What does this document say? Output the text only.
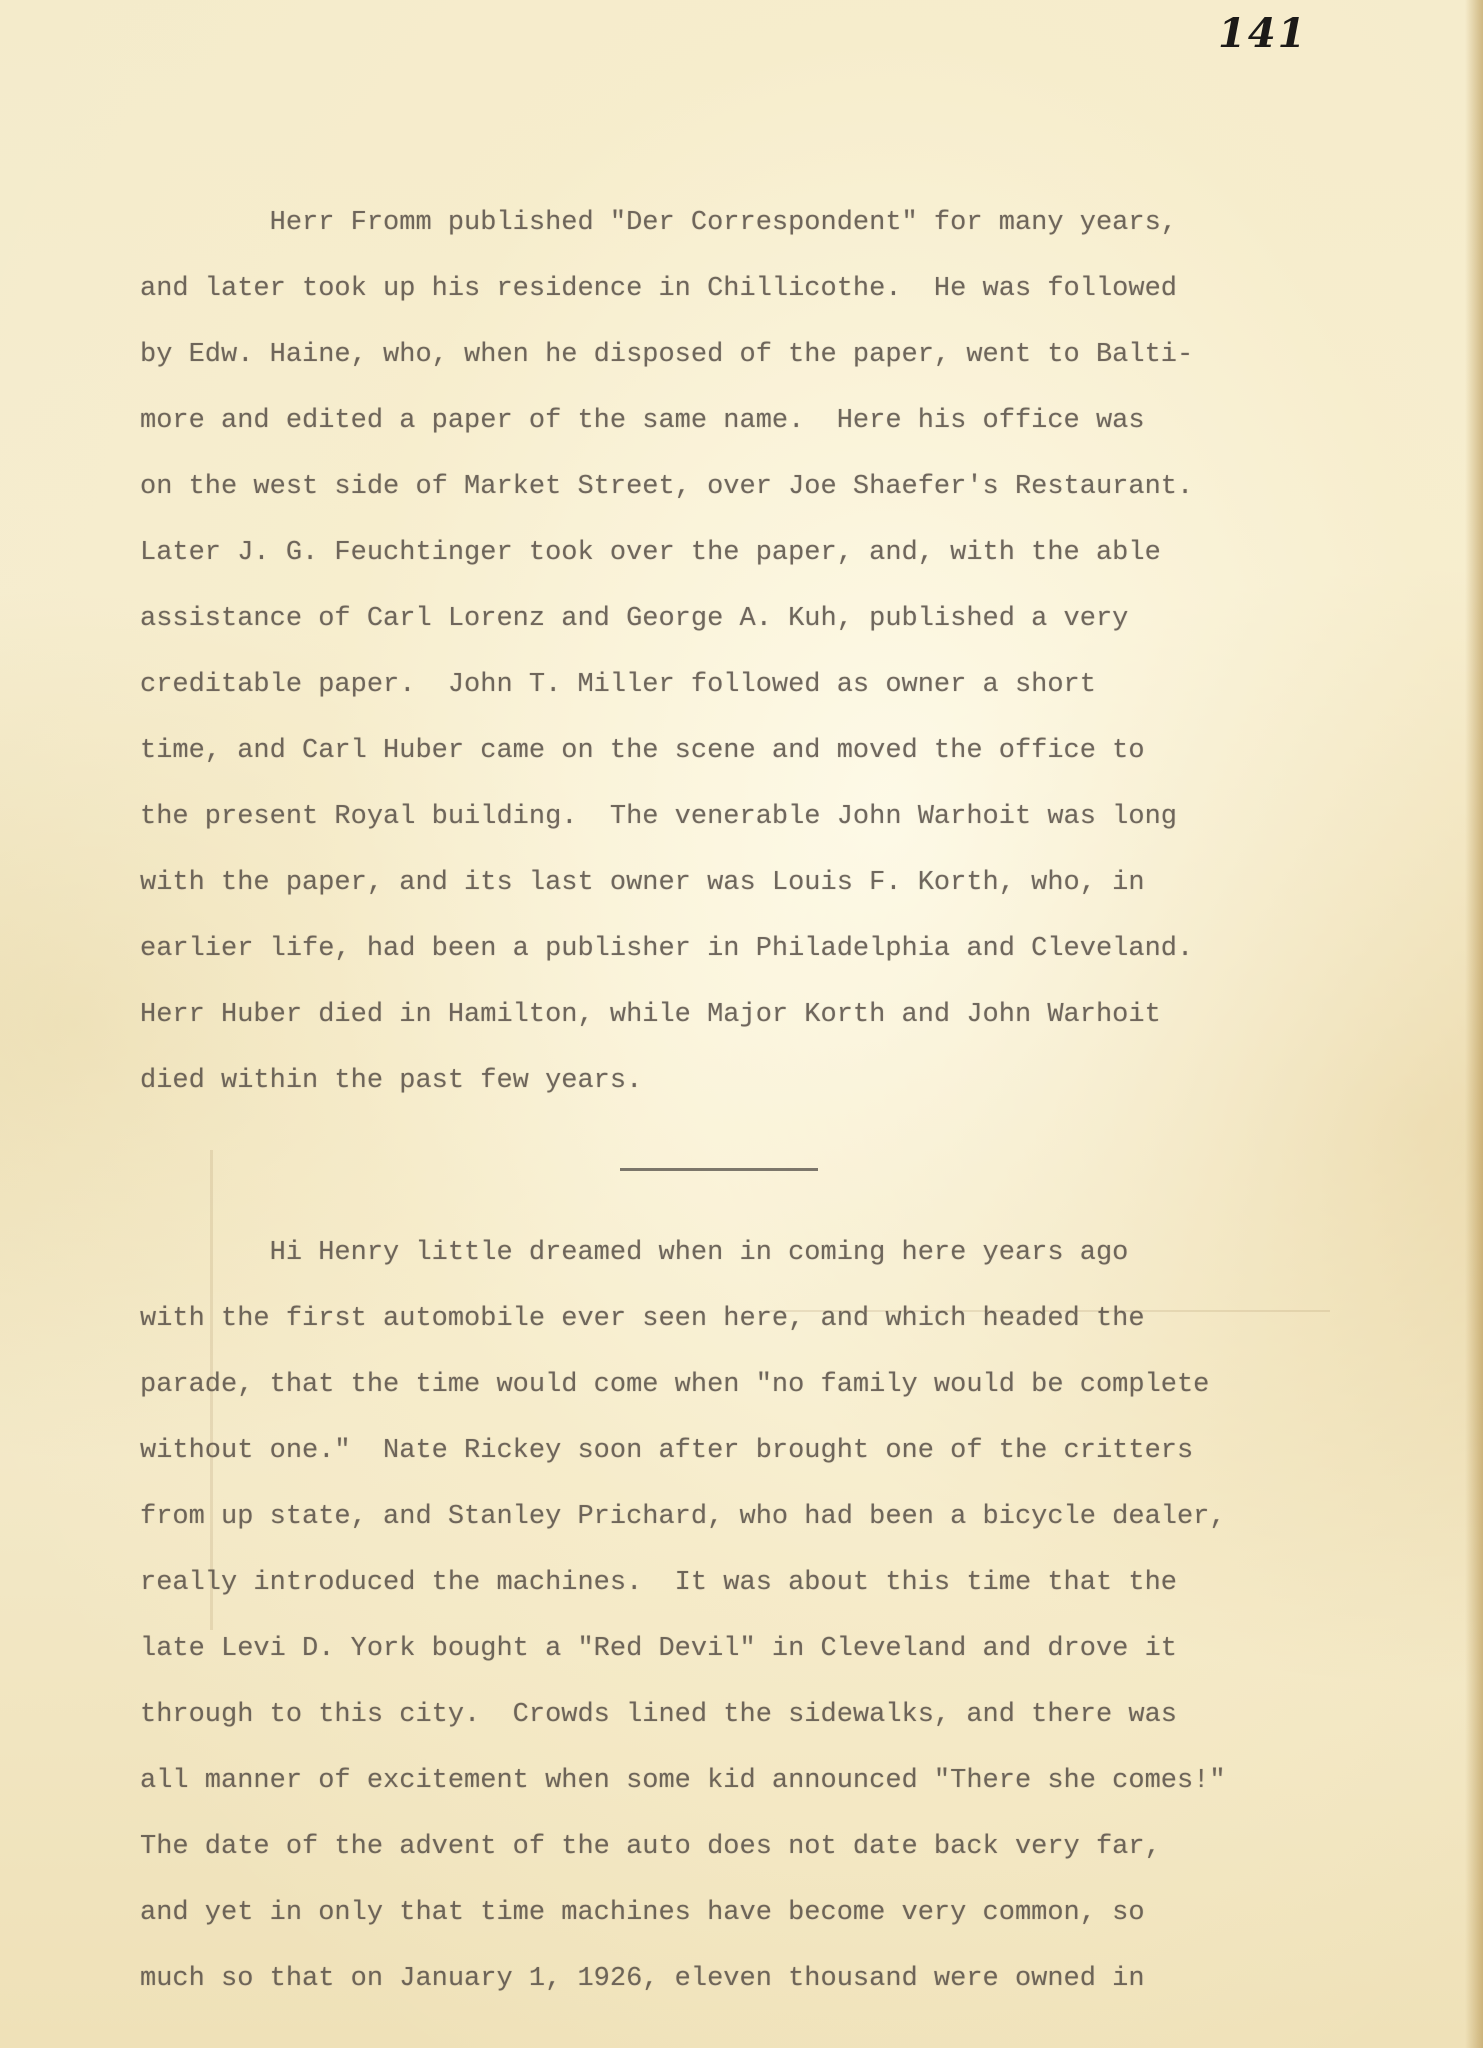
141

Herr Fromm published "Der Correspondent" for many years,

and later took up his residence in Chillicothe.  He was followed

by Edw. Haine, who, when he disposed of the paper, went to Balti-

more and edited a paper of the same name.  Here his office was

on the west side of Market Street, over Joe Shaefer's Restaurant.

Later J. G. Feuchtinger took over the paper, and, with the able

assistance of Carl Lorenz and George A. Kuh, published a very

creditable paper.  John T. Miller followed as owner a short

time, and Carl Huber came on the scene and moved the office to

the present Royal building.  The venerable John Warhoit was long

with the paper, and its last owner was Louis F. Korth, who, in

earlier life, had been a publisher in Philadelphia and Cleveland.

Herr Huber died in Hamilton, while Major Korth and John Warhoit

died within the past few years.

Hi Henry little dreamed when in coming here years ago

with the first automobile ever seen here, and which headed the

parade, that the time would come when "no family would be complete

without one."  Nate Rickey soon after brought one of the critters

from up state, and Stanley Prichard, who had been a bicycle dealer,

really introduced the machines.  It was about this time that the

late Levi D. York bought a "Red Devil" in Cleveland and drove it

through to this city.  Crowds lined the sidewalks, and there was

all manner of excitement when some kid announced "There she comes!"

The date of the advent of the auto does not date back very far,

and yet in only that time machines have become very common, so

much so that on January 1, 1926, eleven thousand were owned in
